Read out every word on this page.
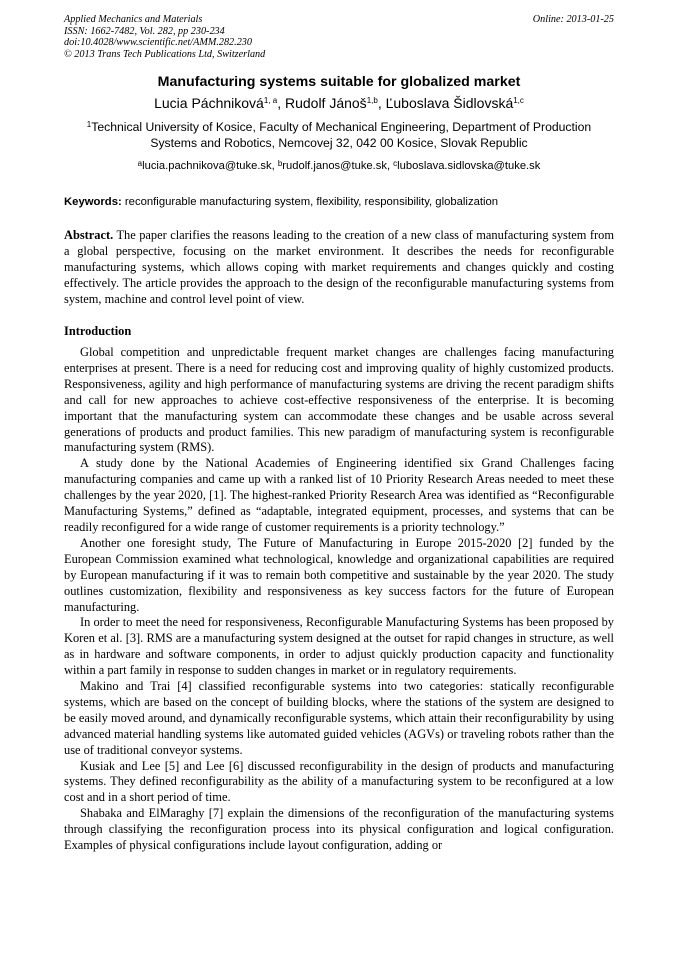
Applied Mechanics and Materials
ISSN: 1662-7482, Vol. 282, pp 230-234
doi:10.4028/www.scientific.net/AMM.282.230
© 2013 Trans Tech Publications Ltd, Switzerland
Online: 2013-01-25
Manufacturing systems suitable for globalized market
Lucia Páchniková$^{1, a}$, Rudolf Jánoš$^{1,b}$, Ľuboslava Šidlovská$^{1,c}$
$^1$Technical University of Kosice, Faculty of Mechanical Engineering, Department of Production Systems and Robotics, Nemcovej 32, 042 00 Kosice, Slovak Republic
$^a$lucia.pachnikova@tuke.sk, $^b$rudolf.janos@tuke.sk, $^c$luboslava.sidlovska@tuke.sk
Keywords: reconfigurable manufacturing system, flexibility, responsibility, globalization
Abstract. The paper clarifies the reasons leading to the creation of a new class of manufacturing system from a global perspective, focusing on the market environment. It describes the needs for reconfigurable manufacturing systems, which allows coping with market requirements and changes quickly and costing effectively. The article provides the approach to the design of the reconfigurable manufacturing systems from system, machine and control level point of view.
Introduction

Global competition and unpredictable frequent market changes are challenges facing manufacturing enterprises at present. There is a need for reducing cost and improving quality of highly customized products. Responsiveness, agility and high performance of manufacturing systems are driving the recent paradigm shifts and call for new approaches to achieve cost-effective responsiveness of the enterprise. It is becoming important that the manufacturing system can accommodate these changes and be usable across several generations of products and product families. This new paradigm of manufacturing system is reconfigurable manufacturing system (RMS).

A study done by the National Academies of Engineering identified six Grand Challenges facing manufacturing companies and came up with a ranked list of 10 Priority Research Areas needed to meet these challenges by the year 2020, [1]. The highest-ranked Priority Research Area was identified as “Reconfigurable Manufacturing Systems,” defined as “adaptable, integrated equipment, processes, and systems that can be readily reconfigured for a wide range of customer requirements is a priority technology.”

Another one foresight study, The Future of Manufacturing in Europe 2015-2020 [2] funded by the European Commission examined what technological, knowledge and organizational capabilities are required by European manufacturing if it was to remain both competitive and sustainable by the year 2020. The study outlines customization, flexibility and responsiveness as key success factors for the future of European manufacturing.

In order to meet the need for responsiveness, Reconfigurable Manufacturing Systems has been proposed by Koren et al. [3]. RMS are a manufacturing system designed at the outset for rapid changes in structure, as well as in hardware and software components, in order to adjust quickly production capacity and functionality within a part family in response to sudden changes in market or in regulatory requirements.

Makino and Trai [4] classified reconfigurable systems into two categories: statically reconfigurable systems, which are based on the concept of building blocks, where the stations of the system are designed to be easily moved around, and dynamically reconfigurable systems, which attain their reconfigurability by using advanced material handling systems like automated guided vehicles (AGVs) or traveling robots rather than the use of traditional conveyor systems.

Kusiak and Lee [5] and Lee [6] discussed reconfigurability in the design of products and manufacturing systems. They defined reconfigurability as the ability of a manufacturing system to be reconfigured at a low cost and in a short period of time.

Shabaka and ElMaraghy [7] explain the dimensions of the reconfiguration of the manufacturing systems through classifying the reconfiguration process into its physical configuration and logical configuration. Examples of physical configurations include layout configuration, adding or
